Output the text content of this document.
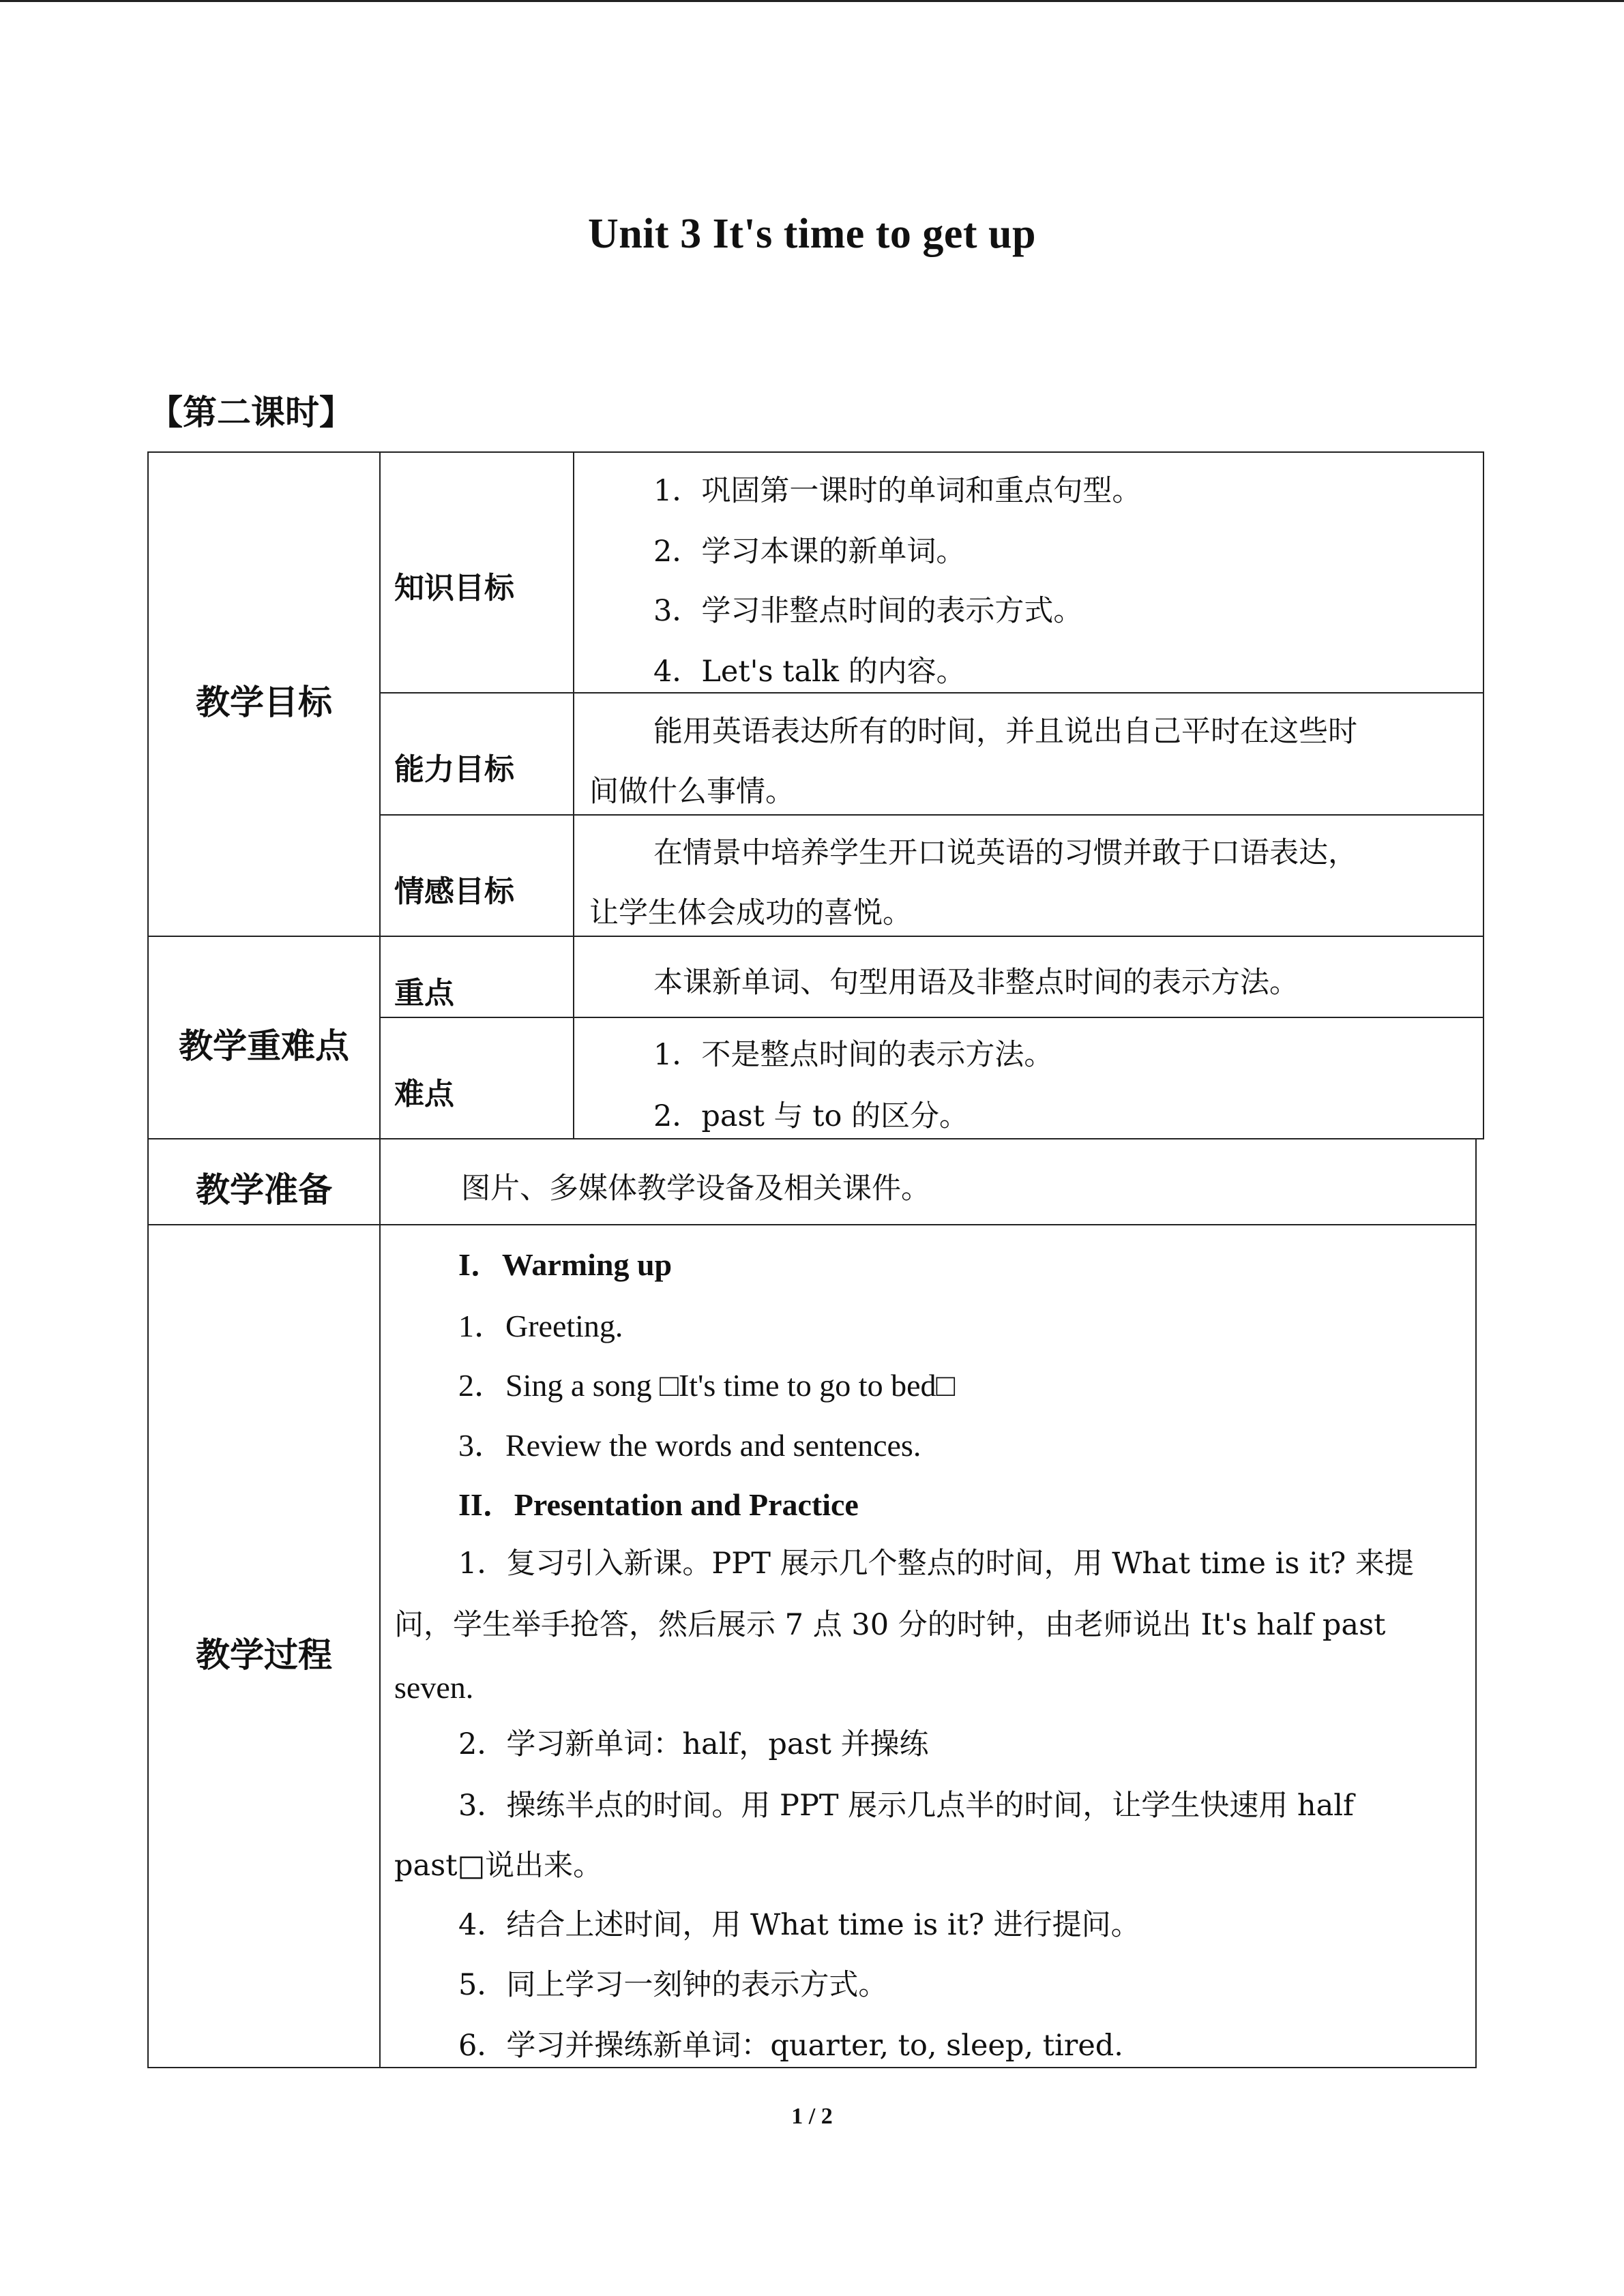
Unit 3 It's time to get up
【第二课时】
教学目标
知识目标
1．巩固第一课时的单词和重点句型。
2．学习本课的新单词。
3．学习非整点时间的表示方式。
4．Let's talk 的内容。
能力目标
能用英语表达所有的时间，并且说出自己平时在这些时
间做什么事情。
情感目标
在情景中培养学生开口说英语的习惯并敢于口语表达，
让学生体会成功的喜悦。
教学重难点
重点	本课新单词、句型用语及非整点时间的表示方法。
难点
1．不是整点时间的表示方法。
2．past 与 to 的区分。
教学准备	图片、多媒体教学设备及相关课件。
教学过程
I．Warming up
1．Greeting.
2．Sing a song □It's time to go to bed□
3．Review the words and sentences.
II．Presentation and Practice
1．复习引入新课。PPT 展示几个整点的时间，用 What time is it? 来提
问，学生举手抢答，然后展示 7 点 30 分的时钟，由老师说出 It's half past
seven.
2．学习新单词：half，past 并操练
3．操练半点的时间。用 PPT 展示几点半的时间，让学生快速用 half
past□说出来。
4．结合上述时间，用 What time is it? 进行提问。
5．同上学习一刻钟的表示方式。
6．学习并操练新单词：quarter, to, sleep, tired.
1 / 2
